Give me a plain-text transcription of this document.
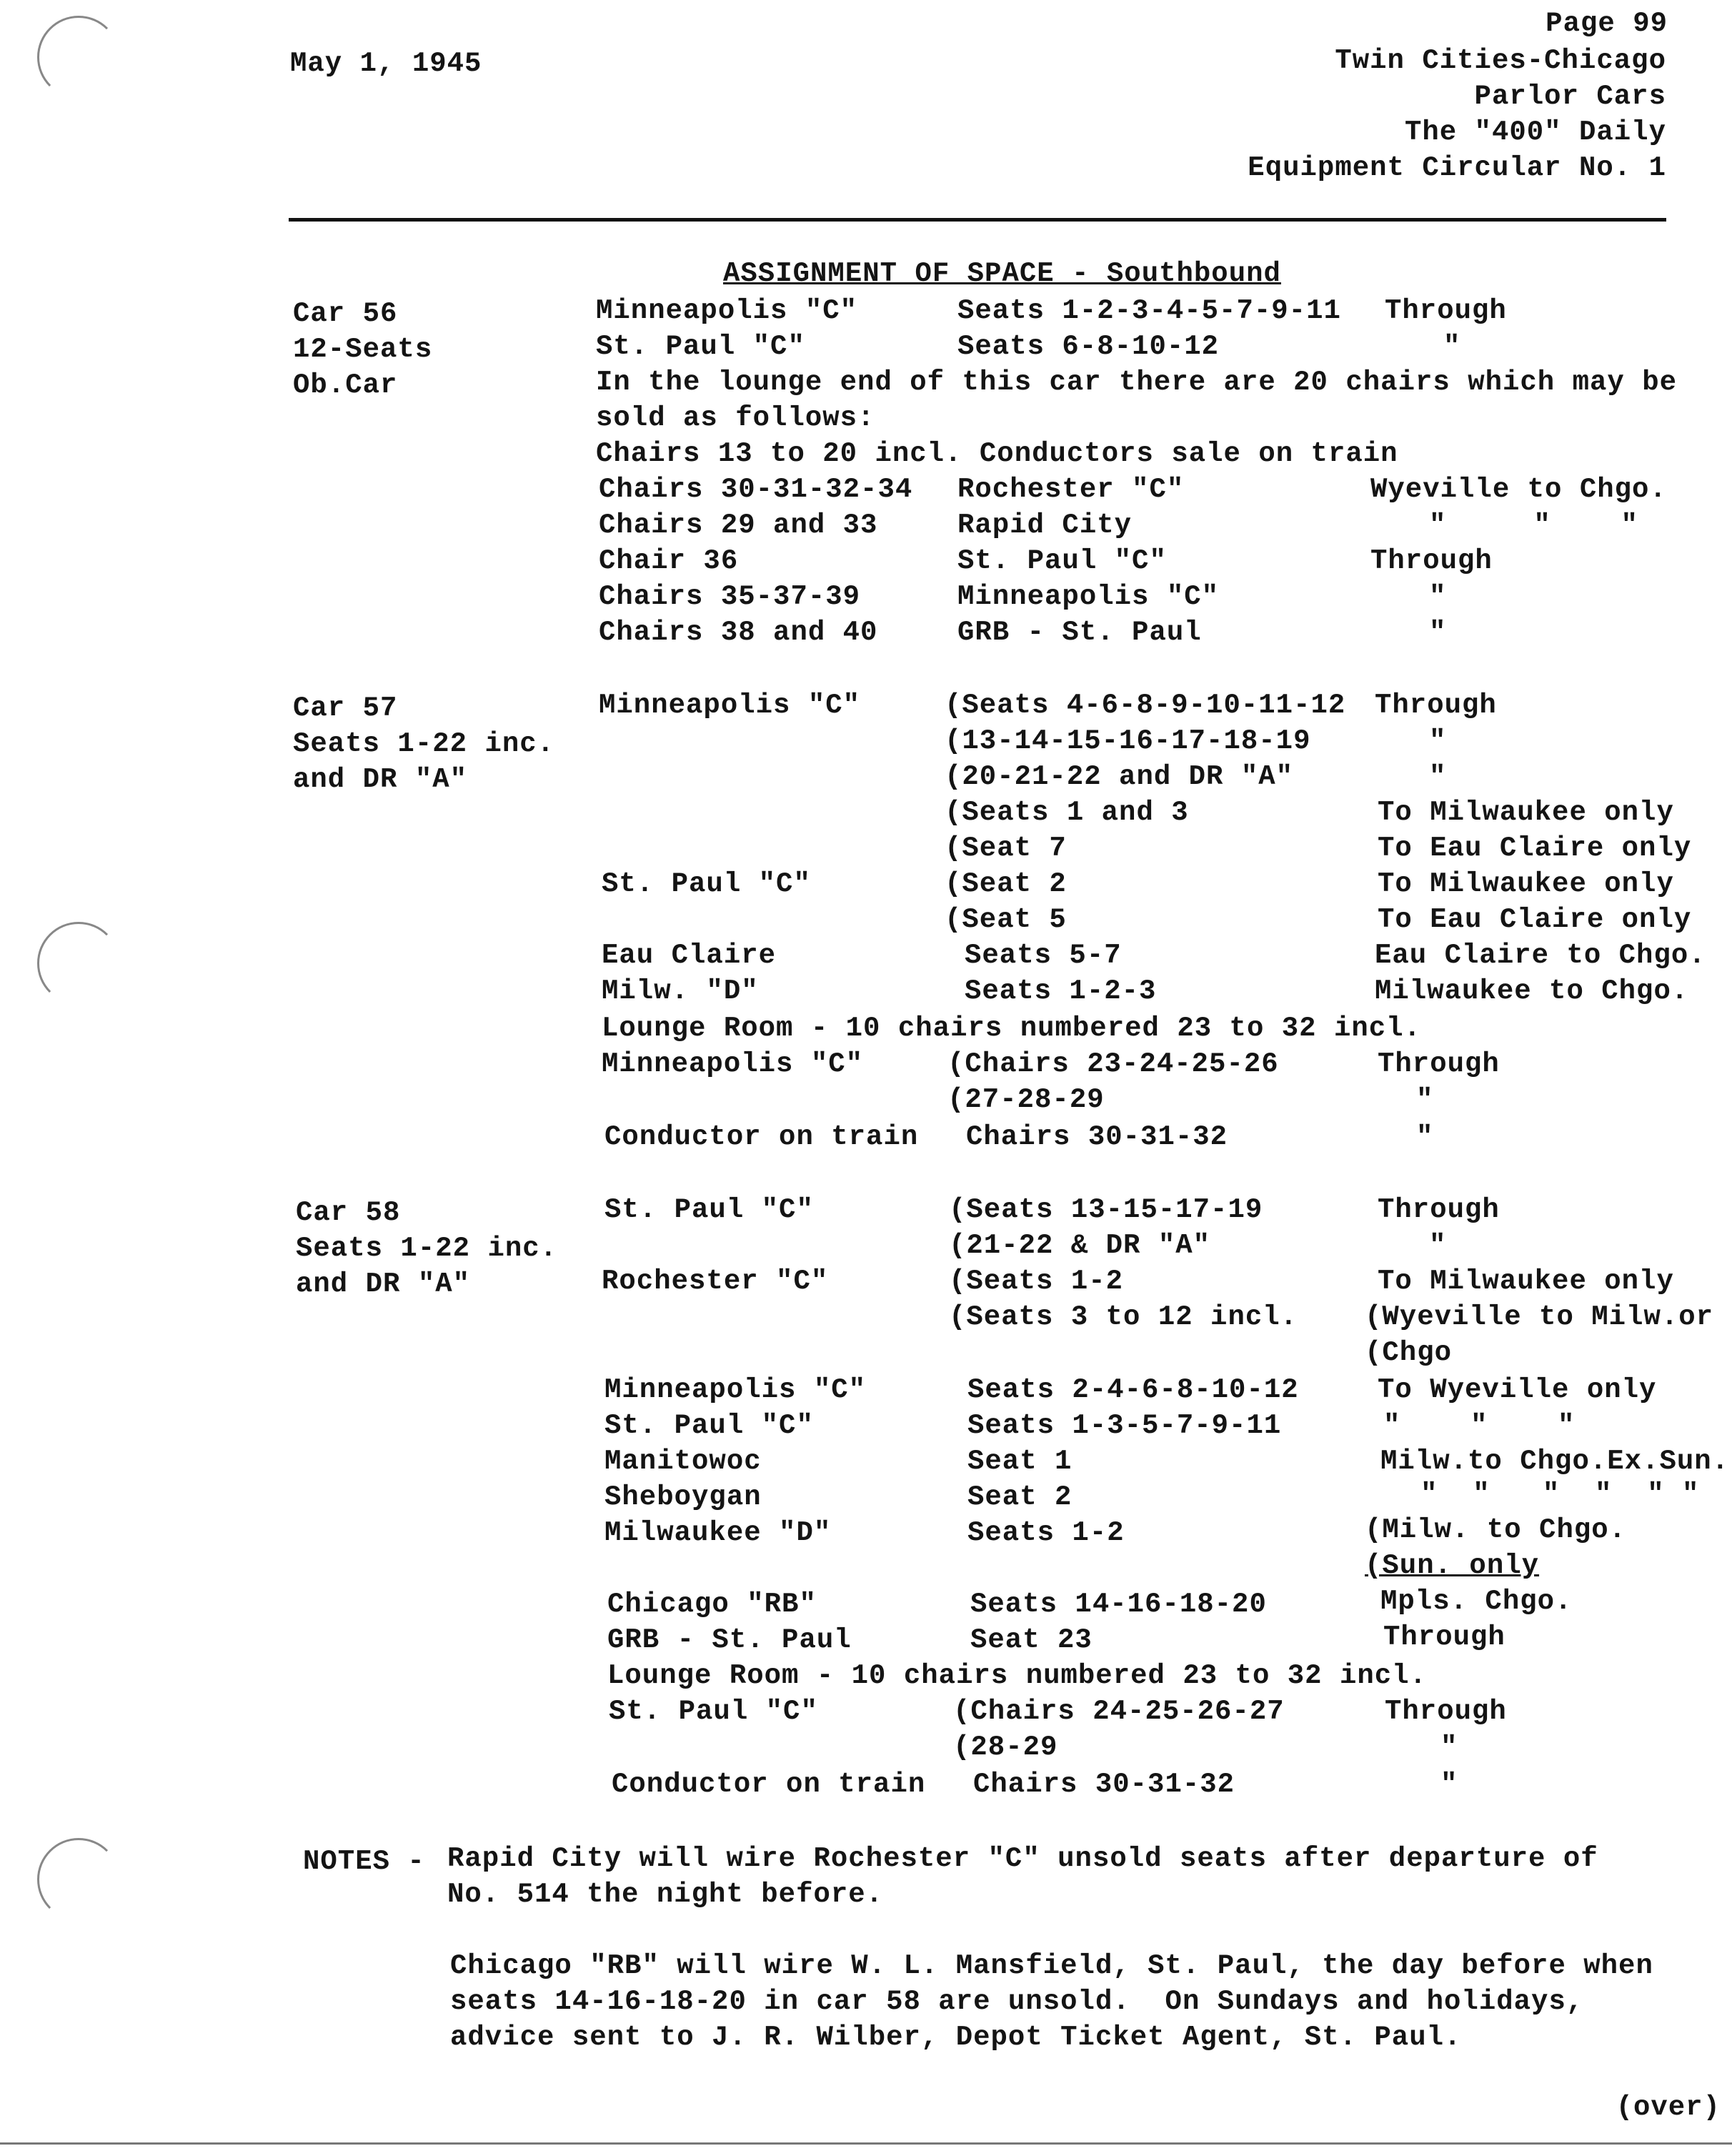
May 1, 1945
Page 99
Twin Cities-Chicago
Parlor Cars
The "400" Daily
Equipment Circular No. 1
ASSIGNMENT OF SPACE - Southbound
Car 56
12-Seats
Ob.Car
Minneapolis "C"	Seats 1-2-3-4-5-7-9-11 Through
St. Paul "C"	Seats 6-8-10-12	"
In the lounge end of this car there are 20 chairs which may be
sold as follows:
Chairs 13 to 20 incl. Conductors sale on train
Chairs 30-31-32-34 Rochester "C"	Wyeville to Chgo.
Chairs 29 and 33	Rapid City	"     "    "
Chair 36	St. Paul "C"	Through
Chairs 35-37-39	Minneapolis "C"	"
Chairs 38 and 40	GRB - St. Paul	"
Car 57
Seats 1-22 inc.
and DR "A"
Minneapolis "C"	(Seats 4-6-8-9-10-11-12 Through
(13-14-15-16-17-18-19	"
(20-21-22 and DR "A"	"
(Seats 1 and 3	To Milwaukee only
(Seat 7	To Eau Claire only
St. Paul "C"	(Seat 2	To Milwaukee only
(Seat 5	To Eau Claire only
Eau Claire	Seats 5-7	Eau Claire to Chgo.
Milw. "D"	Seats 1-2-3	Milwaukee to Chgo.
Lounge Room - 10 chairs numbered 23 to 32 incl.
Minneapolis "C"	(Chairs 23-24-25-26	Through
(27-28-29	"
Conductor on train Chairs 30-31-32	"
Car 58
Seats 1-22 inc.
and DR "A"
St. Paul "C"	(Seats 13-15-17-19	Through
(21-22 & DR "A"	"
Rochester "C"	(Seats 1-2	To Milwaukee only
(Seats 3 to 12 incl. (Wyeville to Milw.or
(Chgo
Minneapolis "C"	Seats 2-4-6-8-10-12	To Wyeville only
St. Paul "C"	Seats 1-3-5-7-9-11	"    "    "
Manitowoc	Seat 1	Milw.to Chgo.Ex.Sun.
Sheboygan	Seat 2	"  "   "  "  " "
Milwaukee "D"	Seats 1-2	(Milw. to Chgo.
(Sun. only
Chicago "RB"	Seats 14-16-18-20	Mpls. Chgo.
GRB - St. Paul	Seat 23	Through
Lounge Room - 10 chairs numbered 23 to 32 incl.
St. Paul "C"	(Chairs 24-25-26-27	Through
(28-29	"
Conductor on train Chairs 30-31-32	"
NOTES - Rapid City will wire Rochester "C" unsold seats after departure of
No. 514 the night before.
Chicago "RB" will wire W. L. Mansfield, St. Paul, the day before when
seats 14-16-18-20 in car 58 are unsold.  On Sundays and holidays,
advice sent to J. R. Wilber, Depot Ticket Agent, St. Paul.
(over)
